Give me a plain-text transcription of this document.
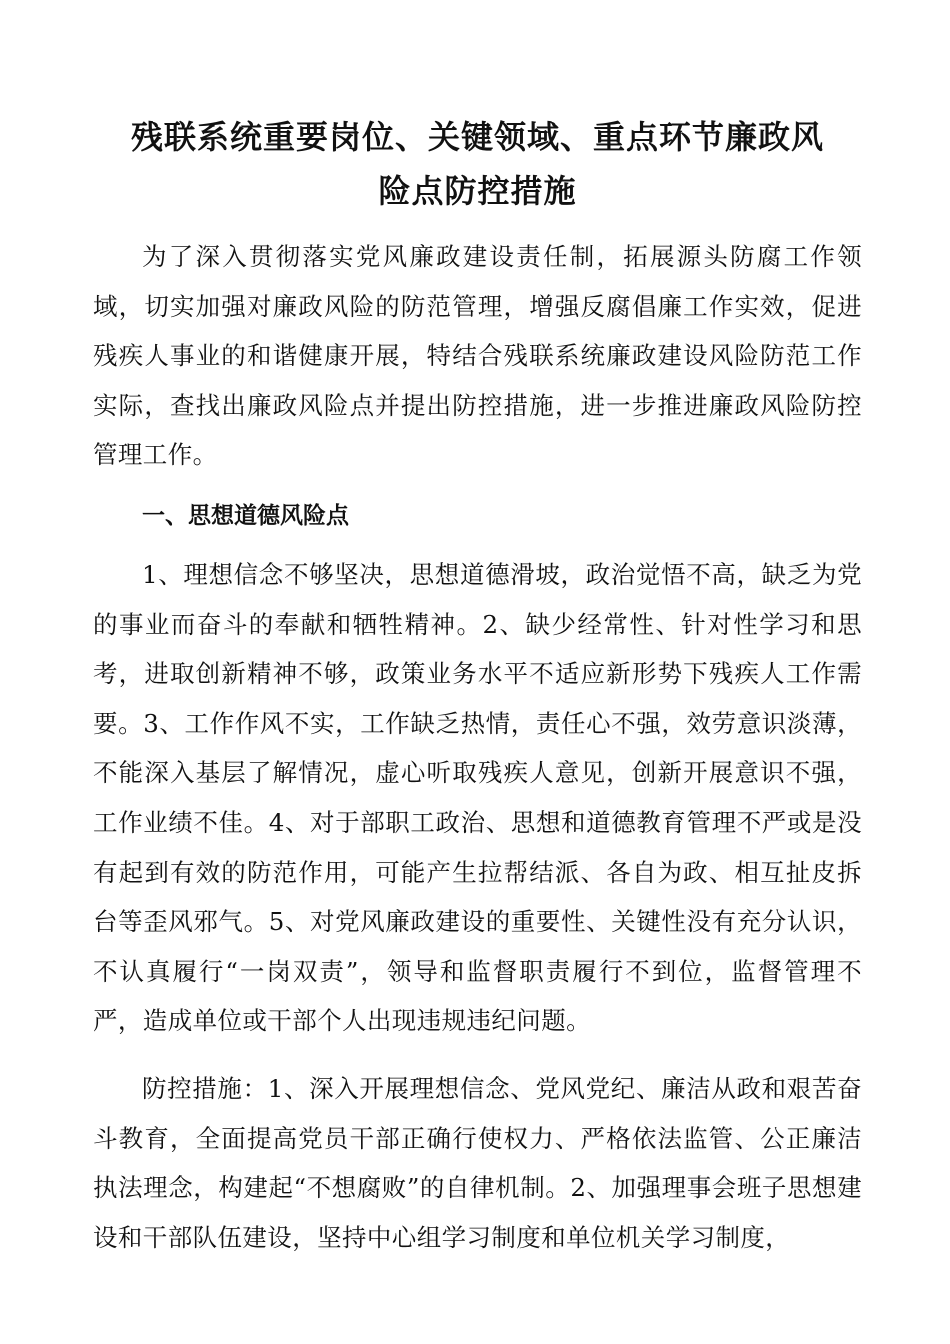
残联系统重要岗位、关键领域、重点环节廉政风
险点防控措施

为了深入贯彻落实党风廉政建设责任制，拓展源头防腐工作领域，切实加强对廉政风险的防范管理，增强反腐倡廉工作实效，促进残疾人事业的和谐健康开展，特结合残联系统廉政建设风险防范工作实际，查找出廉政风险点并提出防控措施，进一步推进廉政风险防控管理工作。

一、思想道德风险点

1、理想信念不够坚决，思想道德滑坡，政治觉悟不高，缺乏为党的事业而奋斗的奉献和牺牲精神。2、缺少经常性、针对性学习和思考，进取创新精神不够，政策业务水平不适应新形势下残疾人工作需要。3、工作作风不实，工作缺乏热情，责任心不强，效劳意识淡薄，不能深入基层了解情况，虚心听取残疾人意见，创新开展意识不强，工作业绩不佳。4、对于部职工政治、思想和道德教育管理不严或是没有起到有效的防范作用，可能产生拉帮结派、各自为政、相互扯皮拆台等歪风邪气。5、对党风廉政建设的重要性、关键性没有充分认识，不认真履行“一岗双责”，领导和监督职责履行不到位，监督管理不严，造成单位或干部个人出现违规违纪问题。

防控措施：1、深入开展理想信念、党风党纪、廉洁从政和艰苦奋斗教育，全面提高党员干部正确行使权力、严格依法监管、公正廉洁执法理念，构建起“不想腐败”的自律机制。2、加强理事会班子思想建设和干部队伍建设，坚持中心组学习制度和单位机关学习制度，
